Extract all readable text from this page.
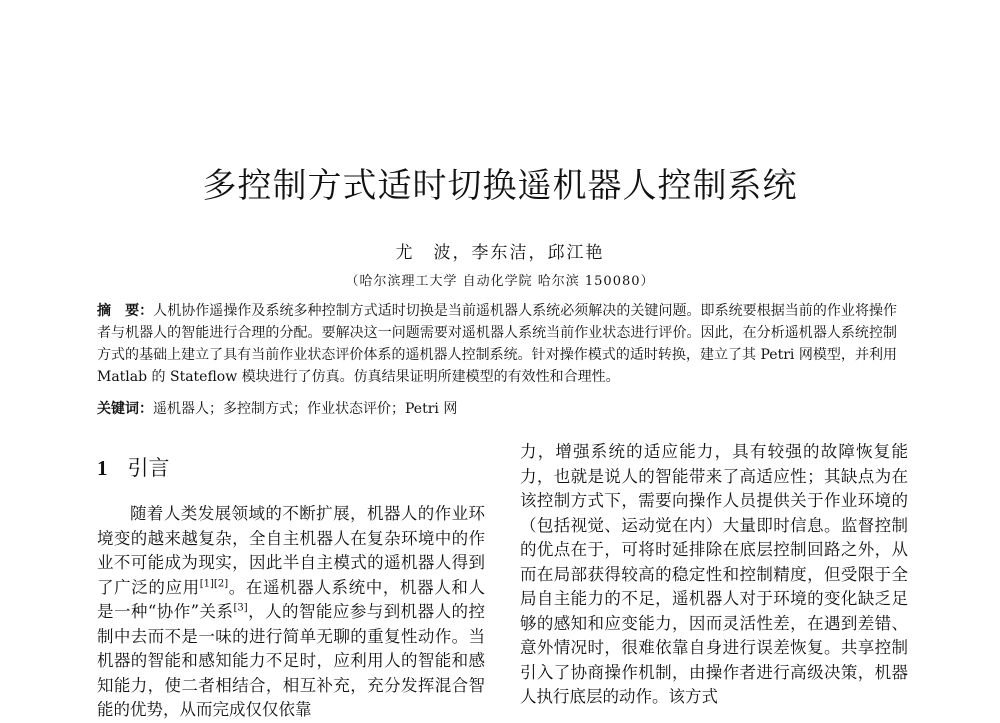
多控制方式适时切换遥机器人控制系统
尤　波，李东洁，邱江艳
（哈尔滨理工大学 自动化学院 哈尔滨 150080）
摘　要：人机协作遥操作及系统多种控制方式适时切换是当前遥机器人系统必须解决的关键问题。即系统要根据当前的作业将操作者与机器人的智能进行合理的分配。要解决这一问题需要对遥机器人系统当前作业状态进行评价。因此，在分析遥机器人系统控制方式的基础上建立了具有当前作业状态评价体系的遥机器人控制系统。针对操作模式的适时转换，建立了其 Petri 网模型，并利用 Matlab 的 Stateflow 模块进行了仿真。仿真结果证明所建模型的有效性和合理性。
关键词：遥机器人；多控制方式；作业状态评价；Petri 网
1 引言
随着人类发展领域的不断扩展，机器人的作业环境变的越来越复杂，全自主机器人在复杂环境中的作业不可能成为现实，因此半自主模式的遥机器人得到了广泛的应用[1][2]。在遥机器人系统中，机器人和人是一种“协作”关系[3]，人的智能应参与到机器人的控制中去而不是一味的进行简单无聊的重复性动作。当机器的智能和感知能力不足时，应利用人的智能和感知能力，使二者相结合，相互补充，充分发挥混合智能的优势，从而完成仅仅依靠
力，增强系统的适应能力，具有较强的故障恢复能力，也就是说人的智能带来了高适应性；其缺点为在该控制方式下，需要向操作人员提供关于作业环境的（包括视觉、运动觉在内）大量即时信息。监督控制的优点在于，可将时延排除在底层控制回路之外，从而在局部获得较高的稳定性和控制精度，但受限于全局自主能力的不足，遥机器人对于环境的变化缺乏足够的感知和应变能力，因而灵活性差，在遇到差错、意外情况时，很难依靠自身进行误差恢复。共享控制引入了协商操作机制，由操作者进行高级决策，机器人执行底层的动作。该方式
